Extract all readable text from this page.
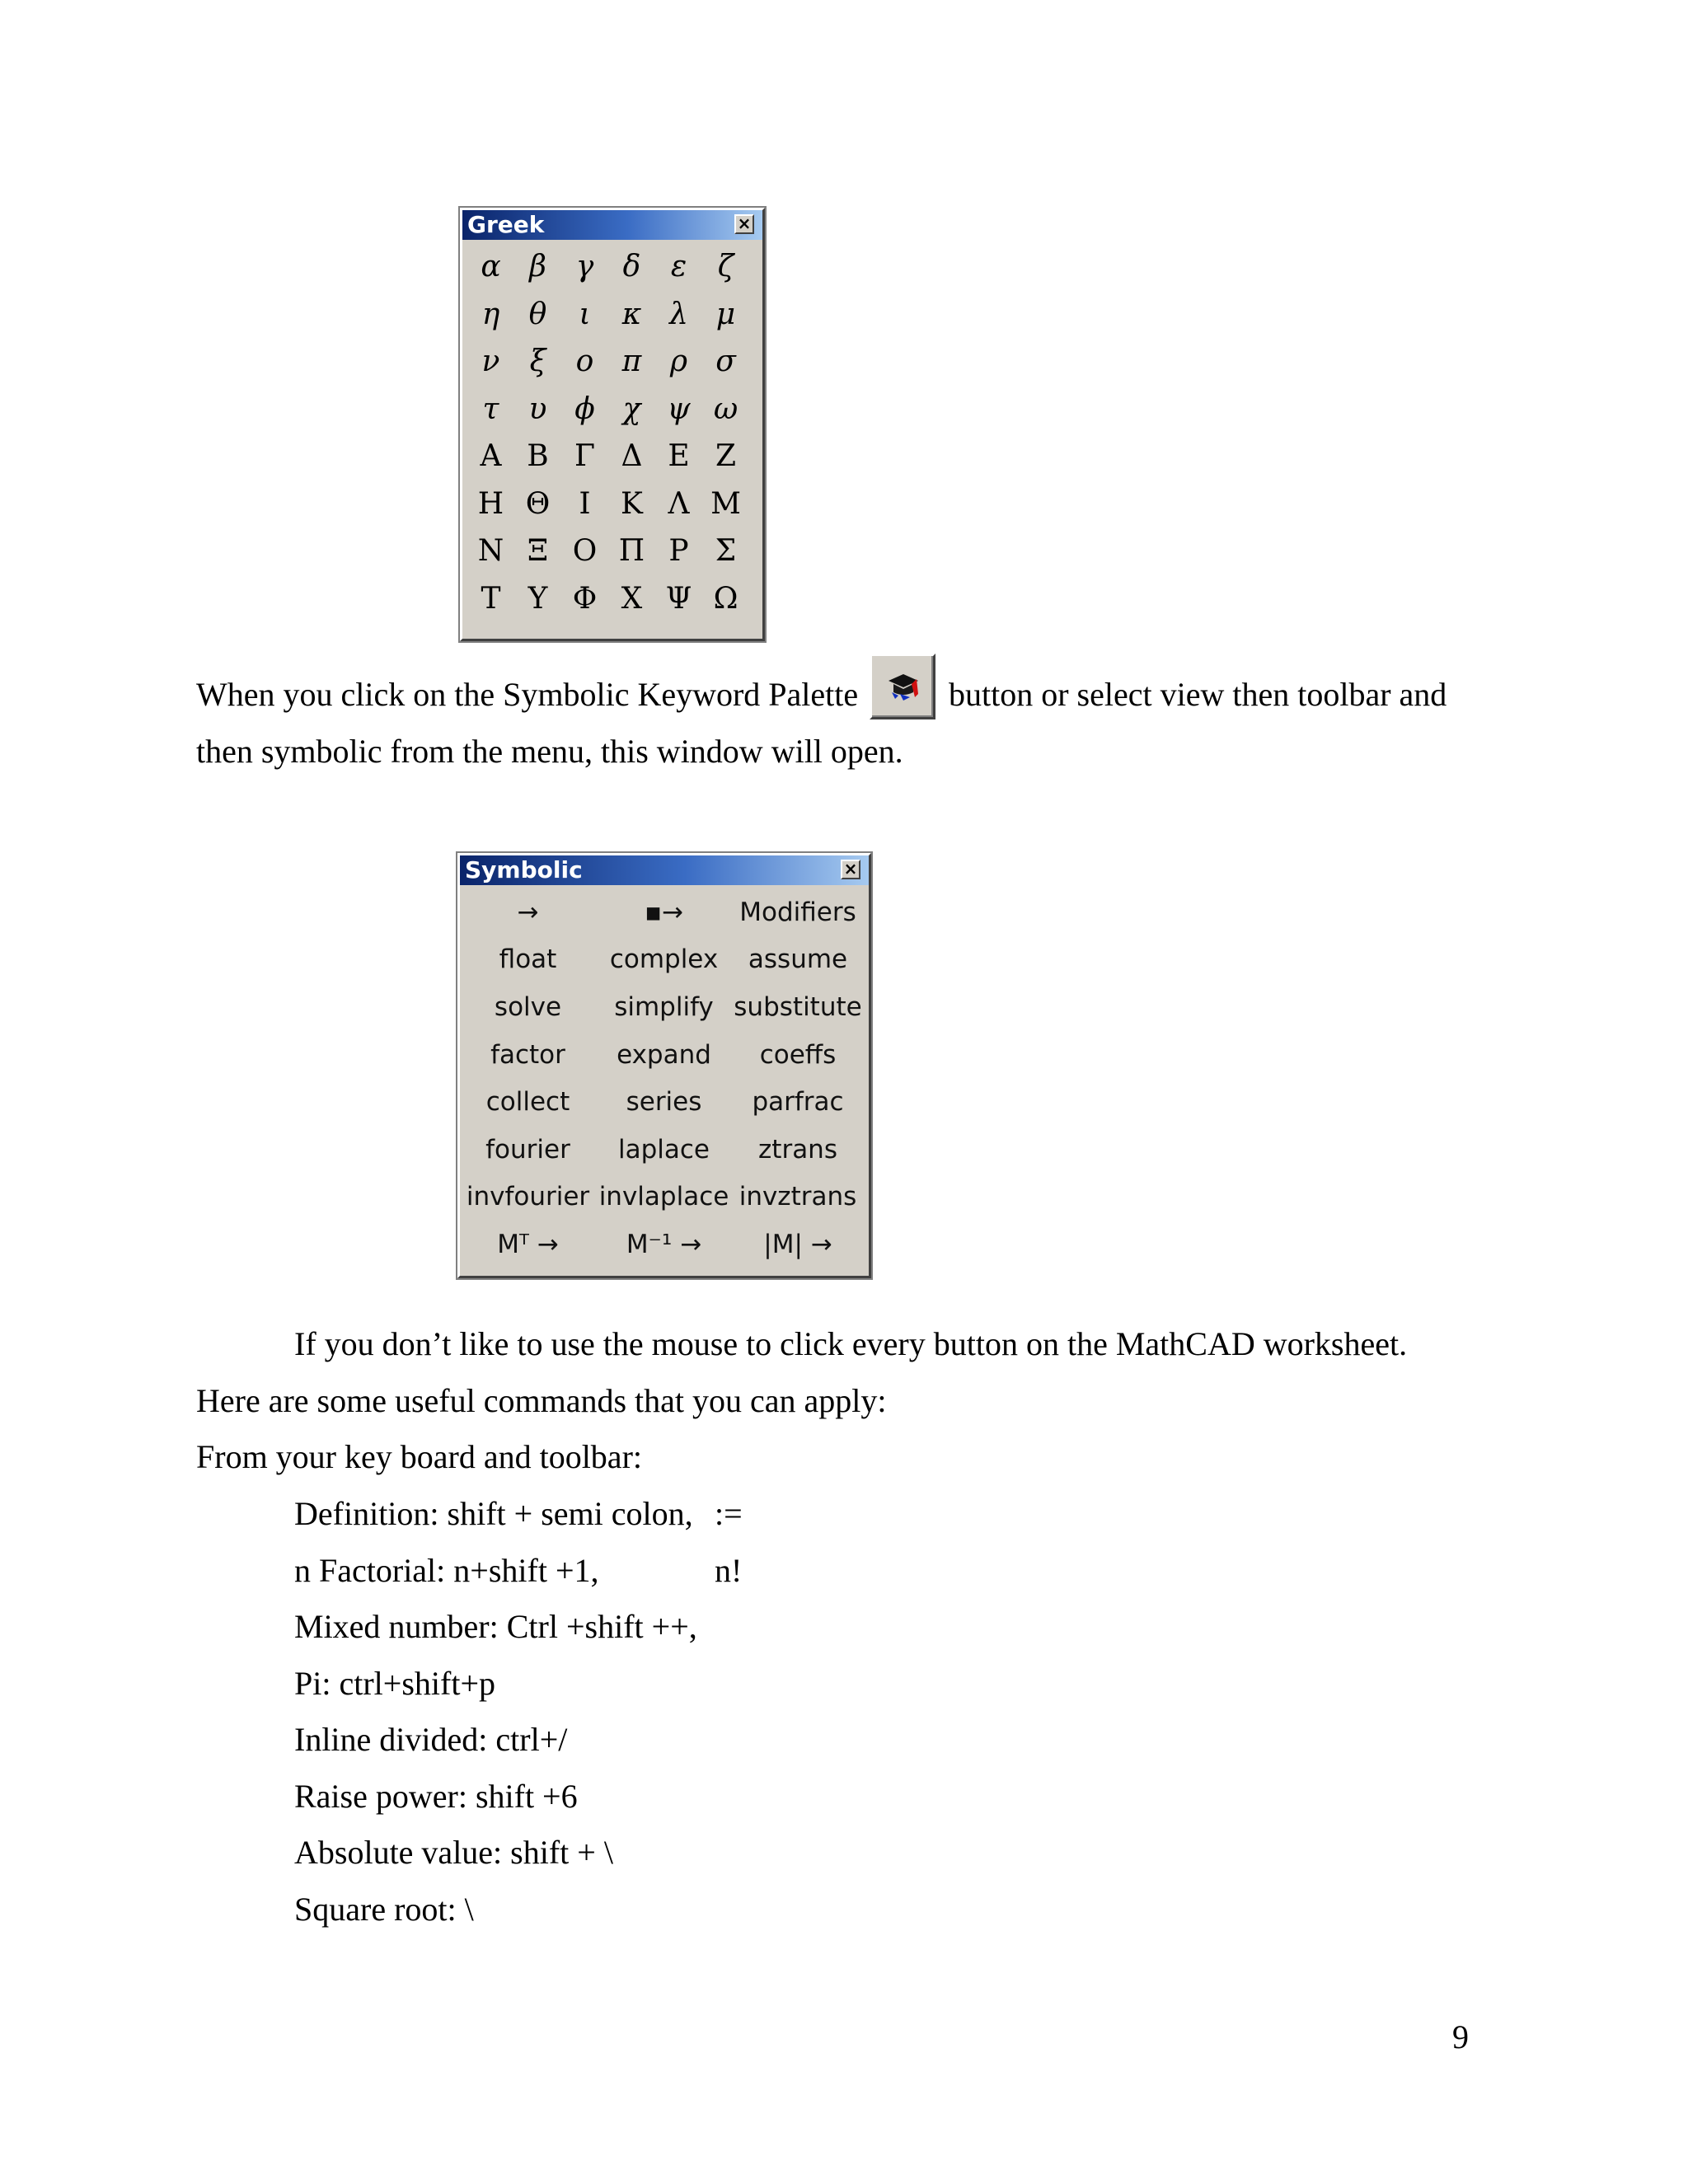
Greek	×
α β γ δ	ε	ζ
η θ	ι	κ λ μ
ν	ξ	ο π ρ σ
τ	υ ϕ χ ψ ω
Α Β Γ Δ Ε Ζ
Η Θ Ι	Κ Λ Μ
Ν Ξ Ο Π Ρ Σ
Τ Υ Φ Χ Ψ Ω
When you click on the Symbolic Keyword Palette	button or select view then toolbar and
then symbolic from the menu, this window will open.
Symbolic	×
→	▪→	Modifiers
float	complex	assume
solve	simplify substitute
factor	expand	coeffs
collect	series	parfrac
fourier	laplace	ztrans
invfourier invlaplace invztrans
Mᵀ →	M⁻¹ →	|M| →
If you don’t like to use the mouse to click every button on the MathCAD worksheet.
Here are some useful commands that you can apply:
From your key board and toolbar:
Definition: shift + semi colon, :=
n Factorial: n+shift +1,	n!
Mixed number: Ctrl +shift ++,
Pi: ctrl+shift+p
Inline divided: ctrl+/
Raise power: shift +6
Absolute value: shift + \
Square root: \
9
